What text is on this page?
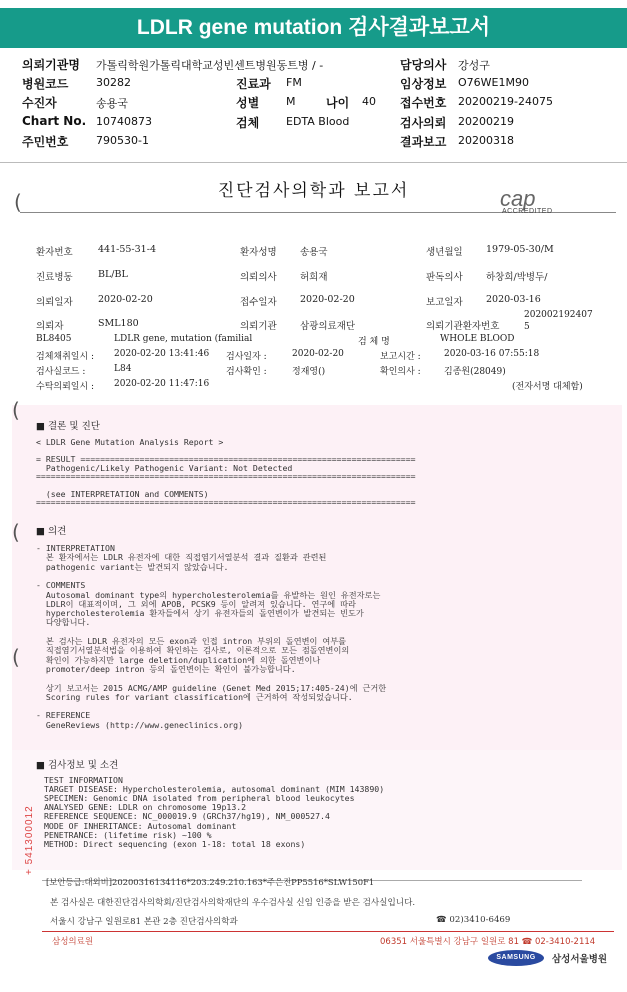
LDLR gene mutation 검사결과보고서
의뢰기관명 가톨릭학원가톨릭대학교성빈센트병원동트병 / -	담당의사 강성구
병원코드	30282	진료과 FM	임상정보 O76WE1M90
수진자	송용국	성별 M	나이 40 접수번호 20200219-24075
Chart No. 10740873	검체 EDTA Blood	검사의뢰 20200219
주민번호	790530-1	결과보고 20200318
진단검사의학과 보고서	cap
ACCREDITED
(
(
(
(
환자번호	441-55-31-4	환자성명 송용국	생년월일 1979-05-30/M
진료병동	BL/BL	의뢰의사 허희재	판독의사 하창희/박병두/
의뢰일자	2020-02-20	접수일자 2020-02-20	보고일자 2020-03-16
의뢰자	SML180	의뢰기관 삼광의료재단	의뢰기관환자번호
202002192407
5
BL8405	LDLR gene, mutation (familial	검 체 명	WHOLE BLOOD
검체채취일시 : 2020-02-20 13:41:46 검사일자 :	2020-02-20	보고시간 :	2020-03-16 07:55:18
검사실코드 :	L84	검사확인 :	정재영()	확인의사 :	김종원(28049)
수탁의뢰일시 : 2020-02-20 11:47:16	(전자서명 대체함)
■ 결론 및 진단
< LDLR Gene Mutation Analysis Report >
= RESULT ====================================================================
Pathogenic/Likely Pathogenic Variant: Not Detected
=============================================================================
(see INTERPRETATION and COMMENTS)
=============================================================================
■ 의견
- INTERPRETATION
본 환자에서는 LDLR 유전자에 대한 직접염기서열분석 결과 질환과 관련된
pathogenic variant는 발견되지 않았습니다.
- COMMENTS
Autosomal dominant type의 hypercholesterolemia를 유발하는 원인 유전자로는
LDLR이 대표적이며, 그 외에 APOB, PCSK9 등이 알려져 있습니다. 연구에 따라
hypercholesterolemia 환자들에서 상기 유전자들의 돌연변이가 발견되는 빈도가
다양합니다.
본 검사는 LDLR 유전자의 모든 exon과 인접 intron 부위의 돌연변이 여부를
직접염기서열분석법을 이용하여 확인하는 검사로, 이론적으로 모든 점돌연변이의
확인이 가능하지만 large deletion/duplication에 의한 돌연변이나
promoter/deep intron 등의 돌연변이는 확인이 불가능합니다.
상기 보고서는 2015 ACMG/AMP guideline (Genet Med 2015;17:405-24)에 근거한
Scoring rules for variant classification에 근거하여 작성되었습니다.
- REFERENCE
GeneReviews (http://www.geneclinics.org)
■ 검사정보 및 소견
TEST INFORMATION
TARGET DISEASE: Hypercholesterolemia, autosomal dominant (MIM 143890)
SPECIMEN: Genomic DNA isolated from peripheral blood leukocytes
ANALYSED GENE: LDLR on chromosome 19p13.2
REFERENCE SEQUENCE: NC_000019.9 (GRCh37/hg19), NM_000527.4
MODE OF INHERITANCE: Autosomal dominant
PENETRANCE: (lifetime risk) ~100 %
METHOD: Direct sequencing (exon 1-18: total 18 exons)
+ 541300012
[보안등급:대외비]20200316134116*203.249.210.163*주은진PP5516*SLW150F1
본 검사실은 대한진단검사의학회/진단검사의학재단의 우수검사실 신임 인증을 받은 검사실입니다.
서울시 강남구 일원로81 본관 2층 진단검사의학과	☎ 02)3410-6469
삼성의료원	06351 서울특별시 강남구 일원로 81 ☎ 02-3410-2114
SAMSUNG	삼성서울병원
